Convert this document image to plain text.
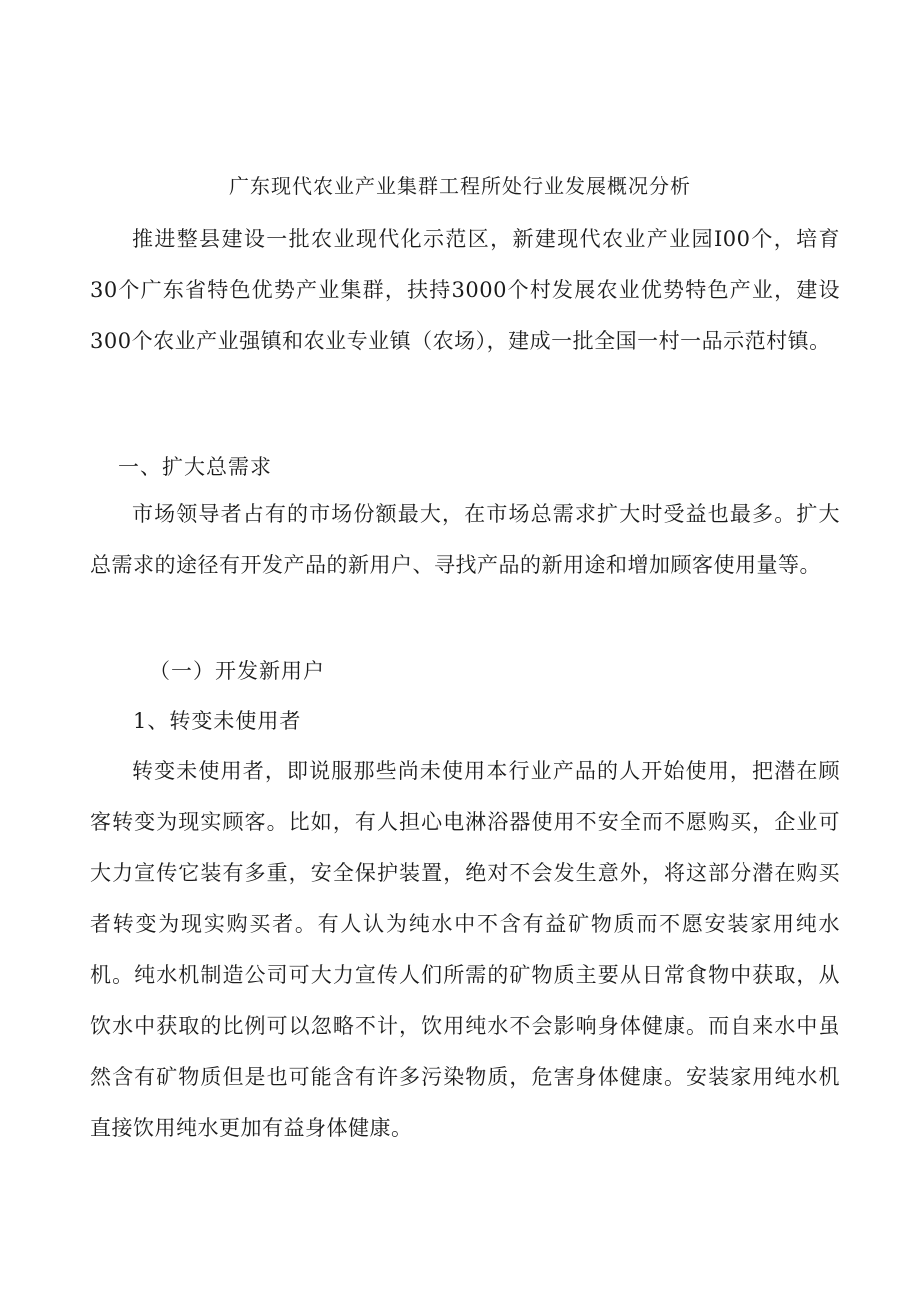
广东现代农业产业集群工程所处行业发展概况分析
推进整县建设一批农业现代化示范区，新建现代农业产业园I00个，培育30个广东省特色优势产业集群，扶持3000个村发展农业优势特色产业，建设300个农业产业强镇和农业专业镇（农场），建成一批全国一村一品示范村镇。
一、扩大总需求
市场领导者占有的市场份额最大，在市场总需求扩大时受益也最多。扩大总需求的途径有开发产品的新用户、寻找产品的新用途和增加顾客使用量等。
（一）开发新用户
1、转变未使用者
转变未使用者，即说服那些尚未使用本行业产品的人开始使用，把潜在顾客转变为现实顾客。比如，有人担心电淋浴器使用不安全而不愿购买，企业可大力宣传它装有多重，安全保护装置，绝对不会发生意外，将这部分潜在购买者转变为现实购买者。有人认为纯水中不含有益矿物质而不愿安装家用纯水机。纯水机制造公司可大力宣传人们所需的矿物质主要从日常食物中获取，从饮水中获取的比例可以忽略不计，饮用纯水不会影响身体健康。而自来水中虽然含有矿物质但是也可能含有许多污染物质，危害身体健康。安装家用纯水机直接饮用纯水更加有益身体健康。
